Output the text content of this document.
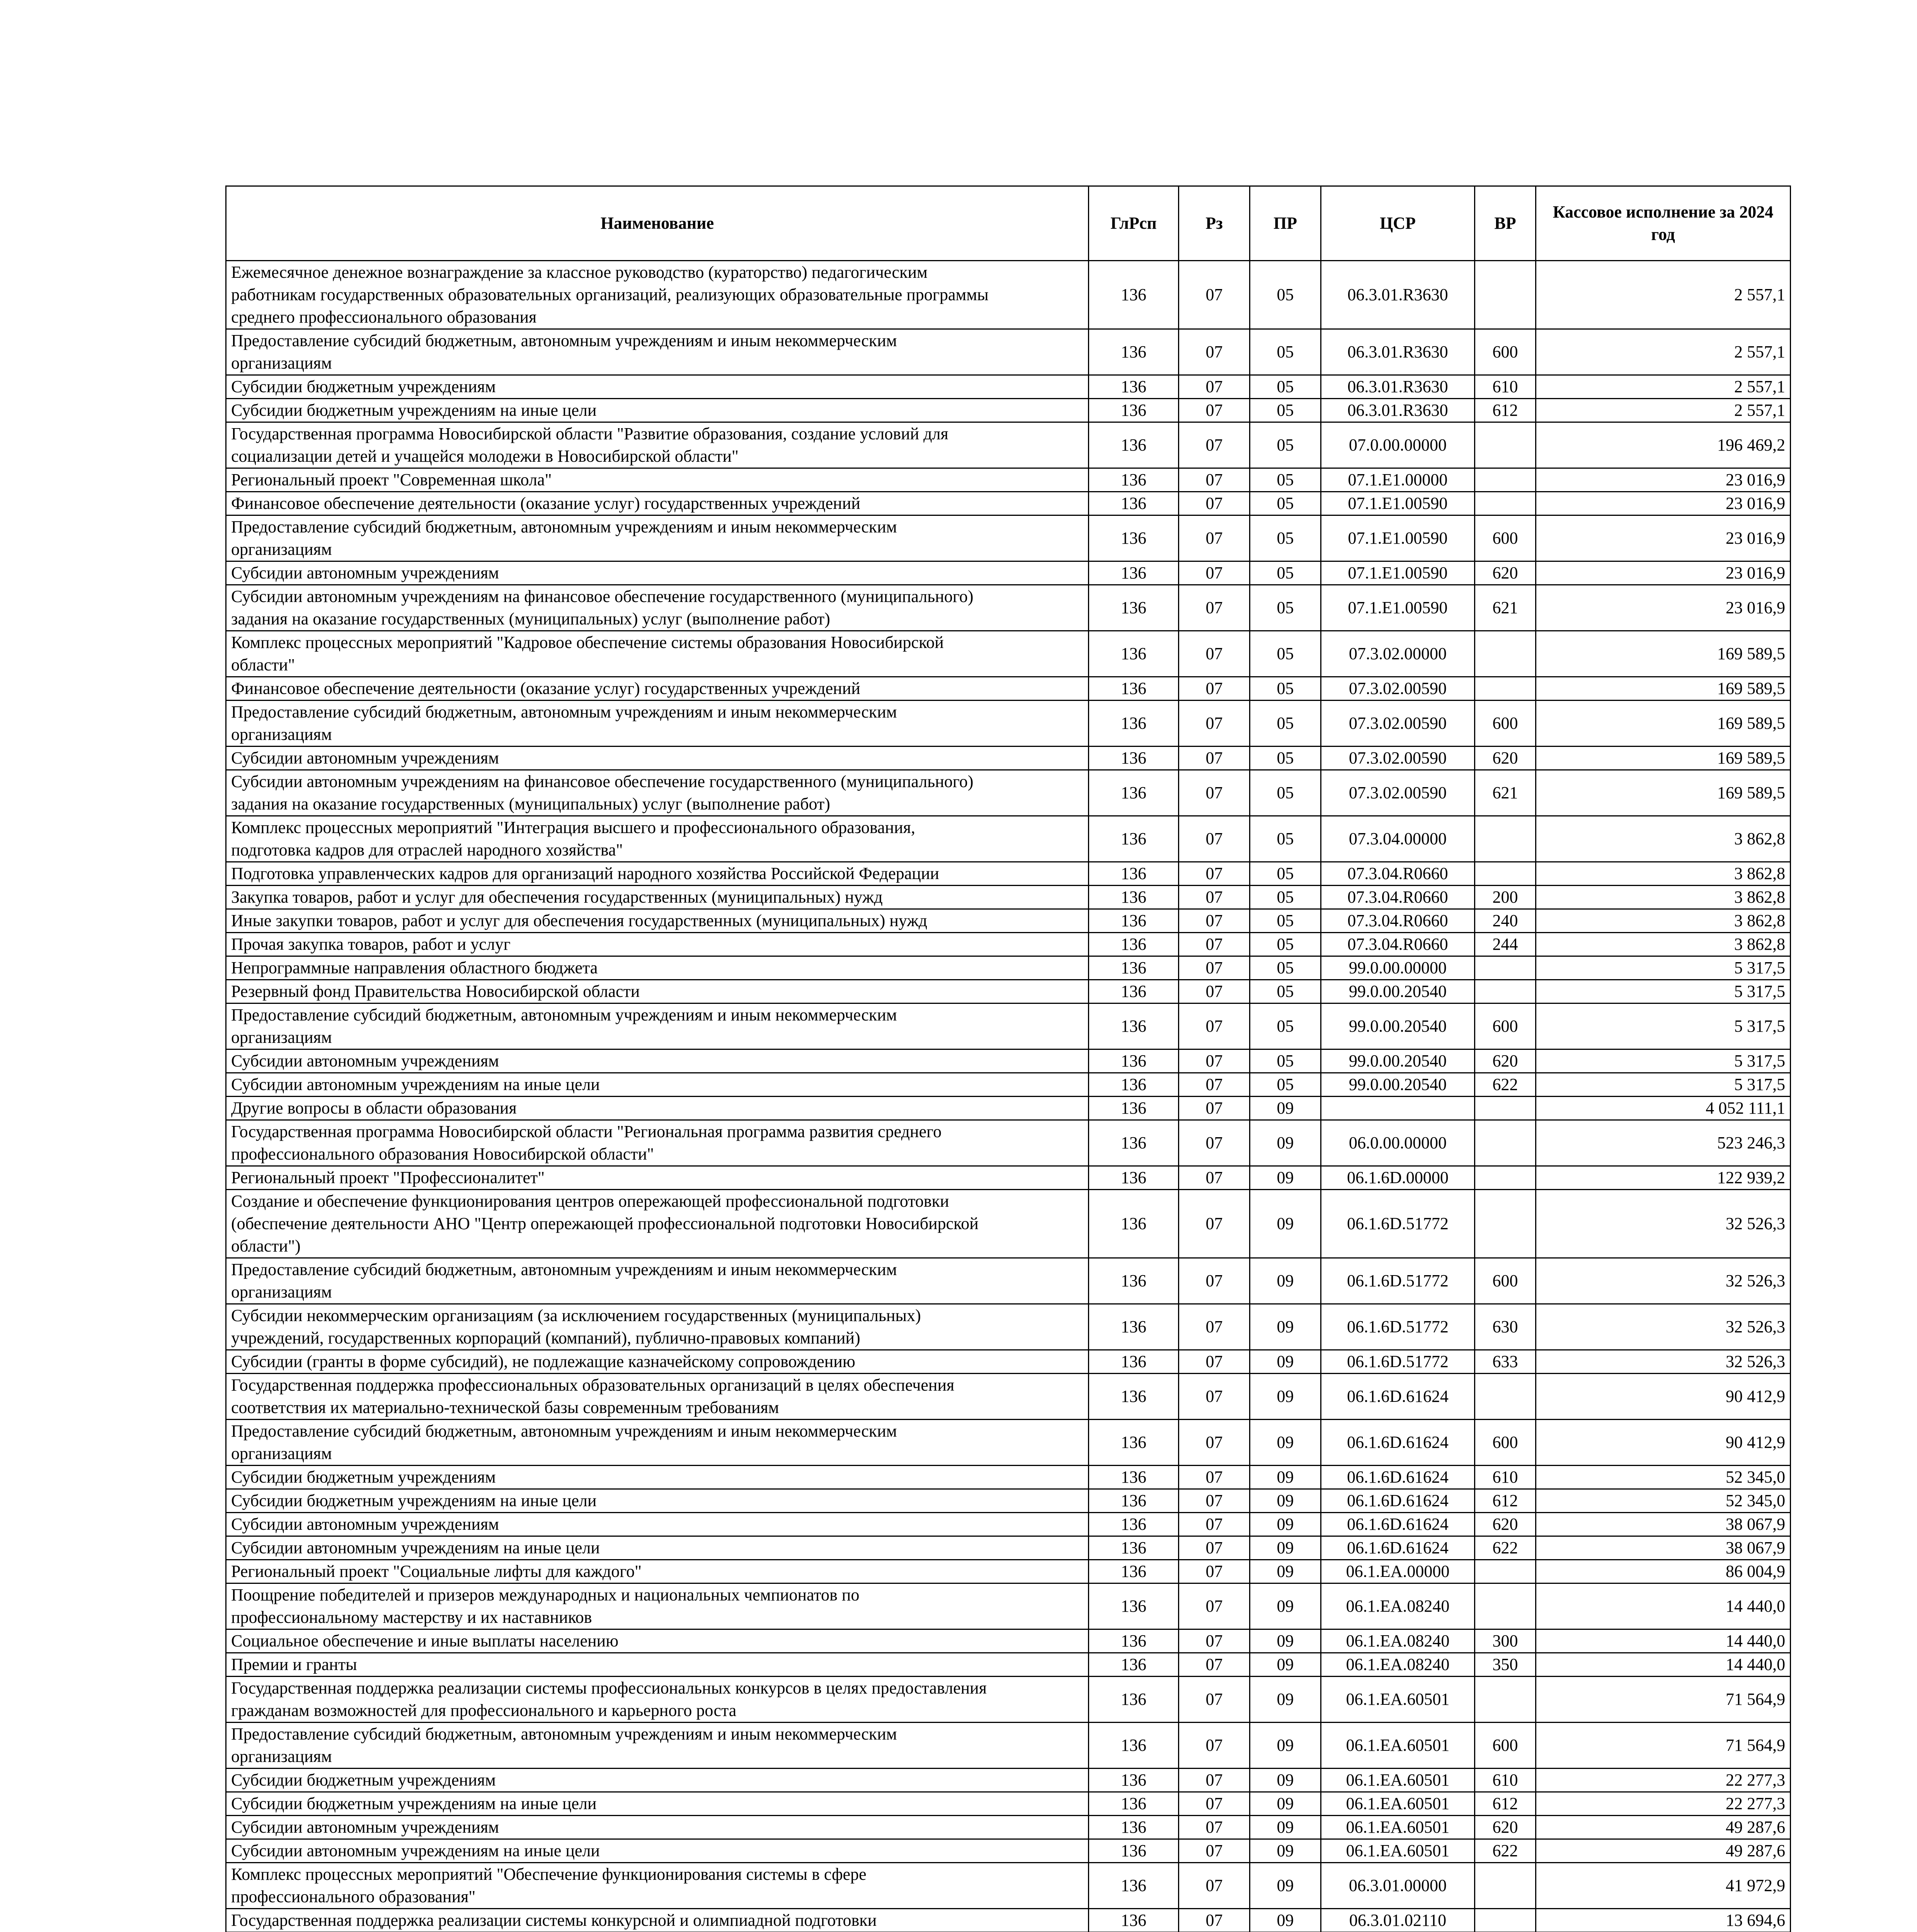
Наименование	ГлРсп	Рз	ПР	ЦСР	ВР	Кассовое исполнение за 2024 год
Ежемесячное денежное вознаграждение за классное руководство (кураторство) педагогическим работникам государственных образовательных организаций, реализующих образовательные программы среднего профессионального образования	136	07	05	06.3.01.R3630		2 557,1
Предоставление субсидий бюджетным, автономным учреждениям и иным некоммерческим организациям	136	07	05	06.3.01.R3630	600	2 557,1
Субсидии бюджетным учреждениям	136	07	05	06.3.01.R3630	610	2 557,1
Субсидии бюджетным учреждениям на иные цели	136	07	05	06.3.01.R3630	612	2 557,1
Государственная программа Новосибирской области "Развитие образования, создание условий для социализации детей и учащейся молодежи в Новосибирской области"	136	07	05	07.0.00.00000		196 469,2
Региональный проект "Современная школа"	136	07	05	07.1.E1.00000		23 016,9
Финансовое обеспечение деятельности (оказание услуг) государственных учреждений	136	07	05	07.1.E1.00590		23 016,9
Предоставление субсидий бюджетным, автономным учреждениям и иным некоммерческим организациям	136	07	05	07.1.E1.00590	600	23 016,9
Субсидии автономным учреждениям	136	07	05	07.1.E1.00590	620	23 016,9
Субсидии автономным учреждениям на финансовое обеспечение государственного (муниципального) задания на оказание государственных (муниципальных) услуг (выполнение работ)	136	07	05	07.1.E1.00590	621	23 016,9
Комплекс процессных мероприятий "Кадровое обеспечение системы образования Новосибирской области"	136	07	05	07.3.02.00000		169 589,5
Финансовое обеспечение деятельности (оказание услуг) государственных учреждений	136	07	05	07.3.02.00590		169 589,5
Предоставление субсидий бюджетным, автономным учреждениям и иным некоммерческим организациям	136	07	05	07.3.02.00590	600	169 589,5
Субсидии автономным учреждениям	136	07	05	07.3.02.00590	620	169 589,5
Субсидии автономным учреждениям на финансовое обеспечение государственного (муниципального) задания на оказание государственных (муниципальных) услуг (выполнение работ)	136	07	05	07.3.02.00590	621	169 589,5
Комплекс процессных мероприятий "Интеграция высшего и профессионального образования, подготовка кадров для отраслей народного хозяйства"	136	07	05	07.3.04.00000		3 862,8
Подготовка управленческих кадров для организаций народного хозяйства Российской Федерации	136	07	05	07.3.04.R0660		3 862,8
Закупка товаров, работ и услуг для обеспечения государственных (муниципальных) нужд	136	07	05	07.3.04.R0660	200	3 862,8
Иные закупки товаров, работ и услуг для обеспечения государственных (муниципальных) нужд	136	07	05	07.3.04.R0660	240	3 862,8
Прочая закупка товаров, работ и услуг	136	07	05	07.3.04.R0660	244	3 862,8
Непрограммные направления областного бюджета	136	07	05	99.0.00.00000		5 317,5
Резервный фонд Правительства Новосибирской области	136	07	05	99.0.00.20540		5 317,5
Предоставление субсидий бюджетным, автономным учреждениям и иным некоммерческим организациям	136	07	05	99.0.00.20540	600	5 317,5
Субсидии автономным учреждениям	136	07	05	99.0.00.20540	620	5 317,5
Субсидии автономным учреждениям на иные цели	136	07	05	99.0.00.20540	622	5 317,5
Другие вопросы в области образования	136	07	09			4 052 111,1
Государственная программа Новосибирской области "Региональная программа развития среднего профессионального образования Новосибирской области"	136	07	09	06.0.00.00000		523 246,3
Региональный проект "Профессионалитет"	136	07	09	06.1.6D.00000		122 939,2
Создание и обеспечение функционирования центров опережающей профессиональной подготовки (обеспечение деятельности АНО "Центр опережающей профессиональной подготовки Новосибирской области")	136	07	09	06.1.6D.51772		32 526,3
Предоставление субсидий бюджетным, автономным учреждениям и иным некоммерческим организациям	136	07	09	06.1.6D.51772	600	32 526,3
Субсидии некоммерческим организациям (за исключением государственных (муниципальных) учреждений, государственных корпораций (компаний), публично-правовых компаний)	136	07	09	06.1.6D.51772	630	32 526,3
Субсидии (гранты в форме субсидий), не подлежащие казначейскому сопровождению	136	07	09	06.1.6D.51772	633	32 526,3
Государственная поддержка профессиональных образовательных организаций в целях обеспечения соответствия их материально-технической базы современным требованиям	136	07	09	06.1.6D.61624		90 412,9
Предоставление субсидий бюджетным, автономным учреждениям и иным некоммерческим организациям	136	07	09	06.1.6D.61624	600	90 412,9
Субсидии бюджетным учреждениям	136	07	09	06.1.6D.61624	610	52 345,0
Субсидии бюджетным учреждениям на иные цели	136	07	09	06.1.6D.61624	612	52 345,0
Субсидии автономным учреждениям	136	07	09	06.1.6D.61624	620	38 067,9
Субсидии автономным учреждениям на иные цели	136	07	09	06.1.6D.61624	622	38 067,9
Региональный проект "Социальные лифты для каждого"	136	07	09	06.1.EA.00000		86 004,9
Поощрение победителей и призеров международных и национальных чемпионатов по профессиональному мастерству и их наставников	136	07	09	06.1.EA.08240		14 440,0
Социальное обеспечение и иные выплаты населению	136	07	09	06.1.EA.08240	300	14 440,0
Премии и гранты	136	07	09	06.1.EA.08240	350	14 440,0
Государственная поддержка реализации системы профессиональных конкурсов в целях предоставления гражданам возможностей для профессионального и карьерного роста	136	07	09	06.1.EA.60501		71 564,9
Предоставление субсидий бюджетным, автономным учреждениям и иным некоммерческим организациям	136	07	09	06.1.EA.60501	600	71 564,9
Субсидии бюджетным учреждениям	136	07	09	06.1.EA.60501	610	22 277,3
Субсидии бюджетным учреждениям на иные цели	136	07	09	06.1.EA.60501	612	22 277,3
Субсидии автономным учреждениям	136	07	09	06.1.EA.60501	620	49 287,6
Субсидии автономным учреждениям на иные цели	136	07	09	06.1.EA.60501	622	49 287,6
Комплекс процессных мероприятий "Обеспечение функционирования системы в сфере профессионального образования"	136	07	09	06.3.01.00000		41 972,9
Государственная поддержка реализации системы конкурсной и олимпиадной подготовки	136	07	09	06.3.01.02110		13 694,6
